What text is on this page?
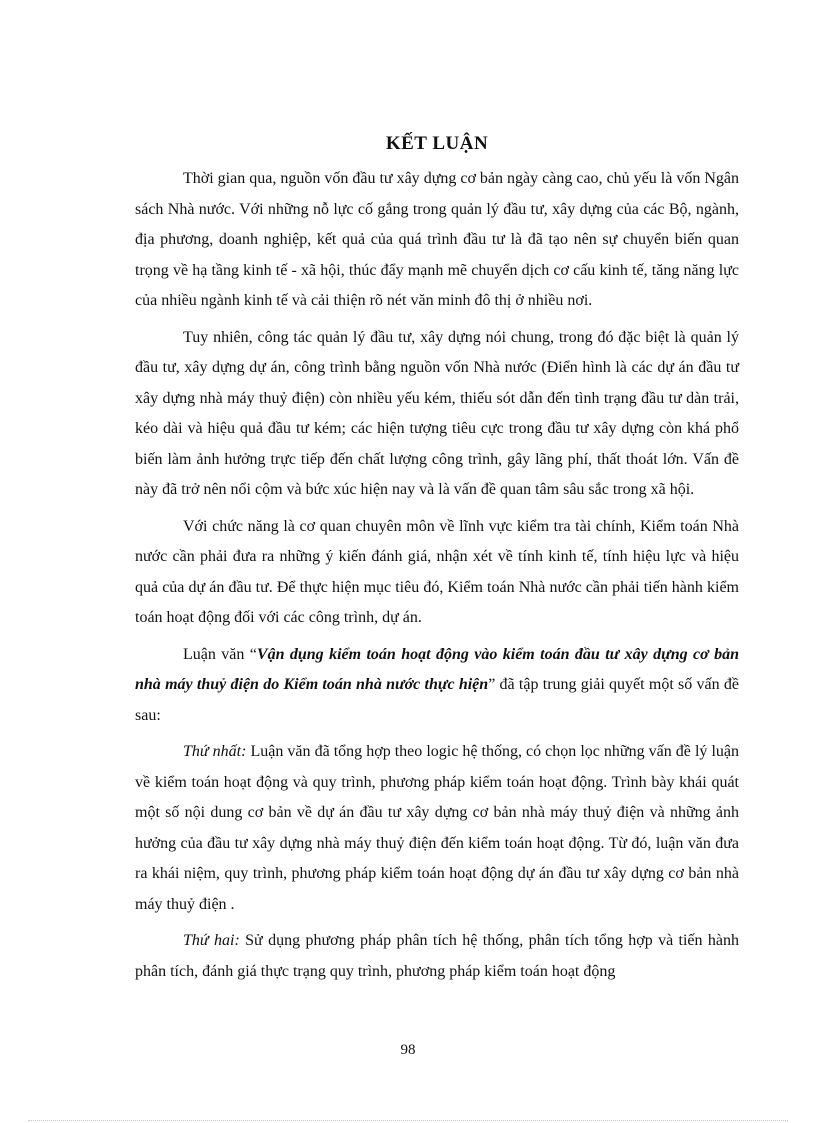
KẾT LUẬN

Thời gian qua, nguồn vốn đầu tư xây dựng cơ bản ngày càng cao, chủ yếu là vốn Ngân sách Nhà nước. Với những nỗ lực cố gắng trong quản lý đầu tư, xây dựng của các Bộ, ngành, địa phương, doanh nghiệp, kết quả của quá trình đầu tư là đã tạo nên sự chuyển biến quan trọng về hạ tầng kinh tế - xã hội, thúc đẩy mạnh mẽ chuyển dịch cơ cấu kinh tế, tăng năng lực của nhiều ngành kinh tế và cải thiện rõ nét văn minh đô thị ở nhiều nơi.

Tuy nhiên, công tác quản lý đầu tư, xây dựng nói chung, trong đó đặc biệt là quản lý đầu tư, xây dựng dự án, công trình bằng nguồn vốn Nhà nước (Điển hình là các dự án đầu tư xây dựng nhà máy thuỷ điện) còn nhiều yếu kém, thiếu sót dẫn đến tình trạng đầu tư dàn trải, kéo dài và hiệu quả đầu tư kém; các hiện tượng tiêu cực trong đầu tư xây dựng còn khá phổ biến làm ảnh hưởng trực tiếp đến chất lượng công trình, gây lãng phí, thất thoát lớn. Vấn đề này đã trở nên nổi cộm và bức xúc hiện nay và là vấn đề quan tâm sâu sắc trong xã hội.

Với chức năng là cơ quan chuyên môn về lĩnh vực kiểm tra tài chính, Kiểm toán Nhà nước cần phải đưa ra những ý kiến đánh giá, nhận xét về tính kinh tế, tính hiệu lực và hiệu quả của dự án đầu tư. Để thực hiện mục tiêu đó, Kiểm toán Nhà nước cần phải tiến hành kiểm toán hoạt động đối với các công trình, dự án.

Luận văn “Vận dụng kiểm toán hoạt động vào kiểm toán đầu tư xây dựng cơ bản nhà máy thuỷ điện do Kiểm toán nhà nước thực hiện” đã tập trung giải quyết một số vấn đề sau:

Thứ nhất: Luận văn đã tổng hợp theo logic hệ thống, có chọn lọc những vấn đề lý luận về kiểm toán hoạt động và quy trình, phương pháp kiểm toán hoạt động. Trình bày khái quát một số nội dung cơ bản về dự án đầu tư xây dựng cơ bản nhà máy thuỷ điện và những ảnh hưởng của đầu tư xây dựng nhà máy thuỷ điện đến kiểm toán hoạt động. Từ đó, luận văn đưa ra khái niệm, quy trình, phương pháp kiểm toán hoạt động dự án đầu tư xây dựng cơ bản nhà máy thuỷ điện .

Thứ hai: Sử dụng phương pháp phân tích hệ thống, phân tích tổng hợp và tiến hành phân tích, đánh giá thực trạng quy trình, phương pháp kiểm toán hoạt động

98
